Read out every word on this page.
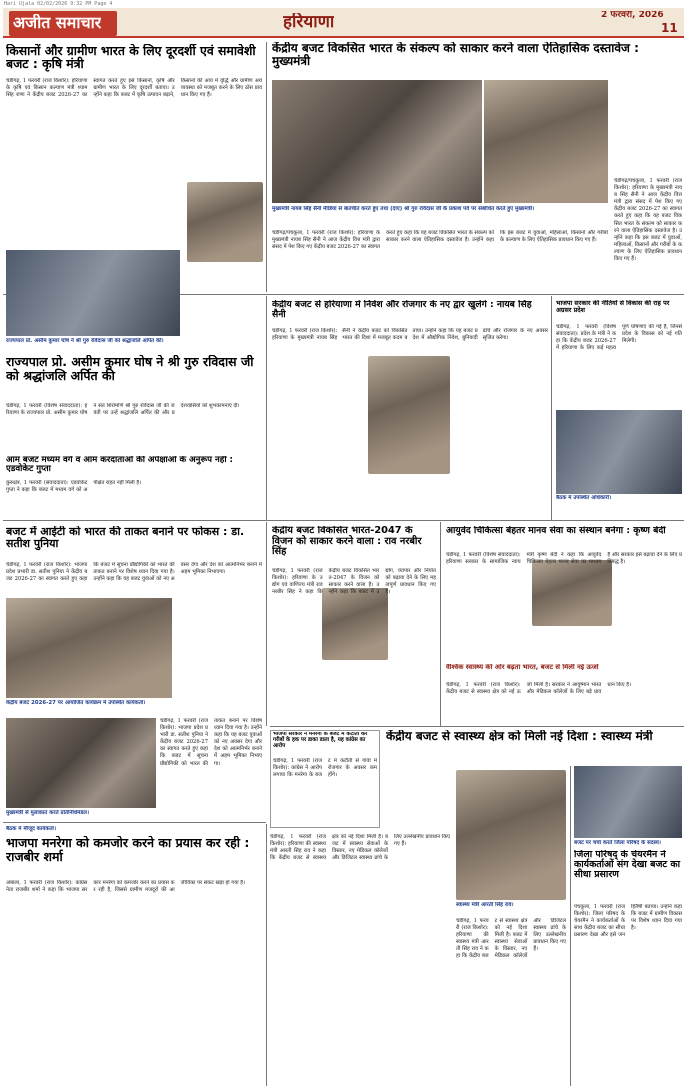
Hari Ujala 02/02/2026 9:32 PM Page 4
अजीत समाचार	हरियाणा	2 फरवरी, 2026
11
किसानों और ग्रामीण भारत के लिए दूरदर्शी एवं समावेशी बजट : कृषि मंत्री
चंडीगढ़, 1 फरवरी (राज किशोर): हरियाणा के कृषि एवं किसान कल्याण मंत्री श्याम सिंह राणा ने केंद्रीय बजट 2026-27 का स्वागत करते हुए इसे किसानों, कृषि और ग्रामीण भारत के लिए दूरदर्शी बताया। उन्होंने कहा कि बजट में कृषि उत्पादन बढ़ाने, किसानों की आय में वृद्धि और ग्रामीण अर्थव्यवस्था को मजबूत करने के लिए ठोस प्रावधान किए गए हैं।
केंद्रीय बजट विकसित भारत के संकल्प को साकार करने वाला ऐतिहासिक दस्तावेज : मुख्यमंत्री
मुख्यमंत्री नायब सिंह सैनी मीडिया से बातचीत करते हुए तथा (दाएं) श्री गुरु रविदास जी के प्रकाश पर्व पर संबोधित करते हुए मुख्यमंत्री।
चंडीगढ़/पंचकूला, 1 फरवरी (राज किशोर): हरियाणा के मुख्यमंत्री नायब सिंह सैनी ने आज केंद्रीय वित्त मंत्री द्वारा संसद में पेश किए गए केंद्रीय बजट 2026-27 का स्वागत करते हुए कहा कि यह बजट विकसित भारत के संकल्प को साकार करने वाला ऐतिहासिक दस्तावेज है। उन्होंने कहा कि इस बजट में युवाओं, महिलाओं, किसानों और गरीबों के कल्याण के लिए ऐतिहासिक प्रावधान किए गए हैं।
चंडीगढ़/पंचकूला, 1 फरवरी (राज किशोर): हरियाणा के मुख्यमंत्री नायब सिंह सैनी ने आज केंद्रीय वित्त मंत्री द्वारा संसद में पेश किए गए केंद्रीय बजट 2026-27 का स्वागत करते हुए कहा कि यह बजट विकसित भारत के संकल्प को साकार करने वाला ऐतिहासिक दस्तावेज है। उन्होंने कहा कि इस बजट में युवाओं, महिलाओं, किसानों और गरीबों के कल्याण के लिए ऐतिहासिक प्रावधान किए गए हैं।
राज्यपाल प्रो. असीम कुमार घोष ने श्री गुरु रविदास जी को श्रद्धांजलि अर्पित की।
राज्यपाल प्रो. असीम कुमार घोष ने श्री गुरु रविदास जी को श्रद्धांजलि अर्पित की
चंडीगढ़, 1 फरवरी (विशेष संवाददाता): हरियाणा के राज्यपाल प्रो. असीम कुमार घोष ने संत शिरोमणि श्री गुरु रविदास जी की जयंती पर उन्हें श्रद्धांजलि अर्पित की और प्रदेशवासियों को शुभकामनाएं दीं।
आम बजट मध्यम वर्ग व आम करदाताओं की अपेक्षाओं के अनुरूप नहीं : एडवोकेट गुप्ता
कुरुक्षेत्र, 1 फरवरी (संवाददाता): एडवोकेट गुप्ता ने कहा कि बजट में मध्यम वर्ग को अपेक्षित राहत नहीं मिली है।
केंद्रीय बजट से हरियाणा में निवेश और रोजगार के नए द्वार खुलेंगे : नायब सिंह सैनी
चंडीगढ़, 1 फरवरी (राज किशोर): हरियाणा के मुख्यमंत्री नायब सिंह सैनी ने केंद्रीय बजट को विकसित भारत की दिशा में मजबूत कदम बताया। उन्होंने कहा कि यह बजट प्रदेश में औद्योगिक निवेश, बुनियादी ढांचे और रोजगार के नए अवसर सृजित करेगा।
भाजपा सरकार की नीतियों से विकास की राह पर अग्रसर प्रदेश
चंडीगढ़, 1 फरवरी (विशेष संवाददाता): प्रदेश के मंत्री ने कहा कि केंद्रीय बजट 2026-27 में हरियाणा के लिए कई महत्वपूर्ण घोषणाएं की गई हैं, जिनसे प्रदेश के विकास को नई गति मिलेगी।
बैठक में उपस्थित अधिकारी।
बजट में आईटी को भारत की ताकत बनाने पर फोकस : डा. सतीश पुनिया
चंडीगढ़, 1 फरवरी (राज किशोर): भाजपा प्रदेश प्रभारी डा. सतीश पुनिया ने केंद्रीय बजट 2026-27 का स्वागत करते हुए कहा कि बजट में सूचना प्रौद्योगिकी को भारत की ताकत बनाने पर विशेष ध्यान दिया गया है। उन्होंने कहा कि यह बजट युवाओं को नए अवसर देगा और देश को आत्मनिर्भर बनाने में अहम भूमिका निभाएगा।
केंद्रीय बजट 2026-27 पर आयोजित कार्यक्रम में उपस्थित कार्यकर्ता।
मुख्यमंत्री से मुलाकात करते प्रतिनिधिमंडल।
चंडीगढ़, 1 फरवरी (राज किशोर): भाजपा प्रदेश प्रभारी डा. सतीश पुनिया ने केंद्रीय बजट 2026-27 का स्वागत करते हुए कहा कि बजट में सूचना प्रौद्योगिकी को भारत की ताकत बनाने पर विशेष ध्यान दिया गया है। उन्होंने कहा कि यह बजट युवाओं को नए अवसर देगा और देश को आत्मनिर्भर बनाने में अहम भूमिका निभाएगा।
केंद्रीय बजट विकसित भारत-2047 के विजन को साकार करने वाला : राव नरबीर सिंह
चंडीगढ़, 1 फरवरी (राज किशोर): हरियाणा के उद्योग एवं वाणिज्य मंत्री राव नरबीर सिंह ने कहा कि केंद्रीय बजट विकसित भारत-2047 के विजन को साकार करने वाला है। उन्होंने कहा कि बजट में उद्योग, व्यापार और निर्यात को बढ़ावा देने के लिए महत्वपूर्ण प्रावधान किए गए हैं।
आयुर्वेद चिकित्सा बेहतर मानव सेवा का संस्थान बनेगा : कृष्ण बेदी
चंडीगढ़, 1 फरवरी (विशेष संवाददाता): हरियाणा सरकार के सामाजिक न्याय मंत्री कृष्ण बेदी ने कहा कि आयुर्वेद चिकित्सा बेहतर मानव सेवा का माध्यम है और सरकार इसे बढ़ावा देने के लिए प्रतिबद्ध है।
वैश्विक स्वास्थ्य की ओर बढ़ता भारत, बजट से मिली नई ऊर्जा
चंडीगढ़, 1 फरवरी (राज किशोर): केंद्रीय बजट से स्वास्थ्य क्षेत्र को नई ऊर्जा मिली है। सरकार ने आयुष्मान भारत और मेडिकल कॉलेजों के लिए बड़े प्रावधान किए हैं।
बैठक में मौजूद कार्यकर्ता।
भाजपा मनरेगा को कमजोर करने का प्रयास कर रही : राजबीर शर्मा
अंबाला, 1 फरवरी (राज किशोर): कांग्रेस नेता राजबीर शर्मा ने कहा कि भाजपा सरकार मनरेगा को कमजोर करने का प्रयास कर रही है, जिससे ग्रामीण मजदूरों की आजीविका पर संकट खड़ा हो गया है।
भाजपा सरकार ने मनरेगा के बजट में कटौती कर गरीबों के हक पर डाका डाला है, यह कांग्रेस का आरोप
चंडीगढ़, 1 फरवरी (राज किशोर): कांग्रेस ने आरोप लगाया कि मनरेगा के बजट में कटौती से गांवों में रोजगार के अवसर कम होंगे।
केंद्रीय बजट से स्वास्थ्य क्षेत्र को मिली नई दिशा : स्वास्थ्य मंत्री
चंडीगढ़, 1 फरवरी (राज किशोर): हरियाणा की स्वास्थ्य मंत्री आरती सिंह राव ने कहा कि केंद्रीय बजट से स्वास्थ्य क्षेत्र को नई दिशा मिली है। बजट में स्वास्थ्य सेवाओं के विस्तार, नए मेडिकल कॉलेजों और डिजिटल स्वास्थ्य ढांचे के लिए उल्लेखनीय प्रावधान किए गए हैं।
स्वास्थ्य मंत्री आरती सिंह राव।
चंडीगढ़, 1 फरवरी (राज किशोर): हरियाणा की स्वास्थ्य मंत्री आरती सिंह राव ने कहा कि केंद्रीय बजट से स्वास्थ्य क्षेत्र को नई दिशा मिली है। बजट में स्वास्थ्य सेवाओं के विस्तार, नए मेडिकल कॉलेजों और डिजिटल स्वास्थ्य ढांचे के लिए उल्लेखनीय प्रावधान किए गए हैं।
बजट पर चर्चा करते जिला परिषद के सदस्य।
जिला परिषद् के चेयरमैन ने कार्यकर्ताओं संग देखा बजट का सीधा प्रसारण
पंचकूला, 1 फरवरी (राज किशोर): जिला परिषद के चेयरमैन ने कार्यकर्ताओं के साथ केंद्रीय बजट का सीधा प्रसारण देखा और इसे जनहितैषी बताया। उन्होंने कहा कि बजट में ग्रामीण विकास पर विशेष ध्यान दिया गया है।
